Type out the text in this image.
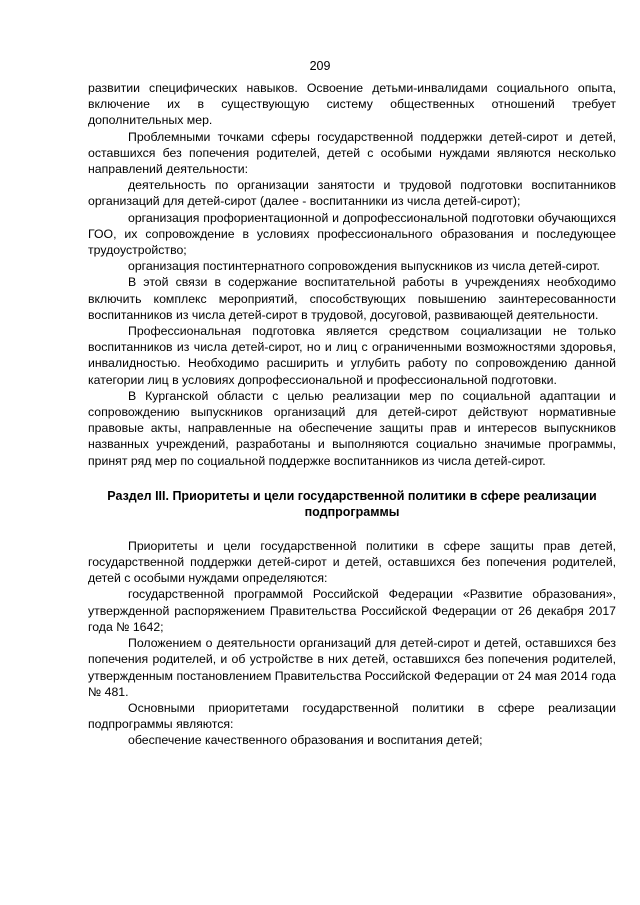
209

развитии специфических навыков. Освоение детьми-инвалидами социального опыта, включение их в существующую систему общественных отношений требует дополнительных мер.

Проблемными точками сферы государственной поддержки детей-сирот и детей, оставшихся без попечения родителей, детей с особыми нуждами являются несколько направлений деятельности:

деятельность по организации занятости и трудовой подготовки воспитанников организаций для детей-сирот (далее - воспитанники из числа детей-сирот);

организация профориентационной и допрофессиональной подготовки обучающихся ГОО, их сопровождение в условиях профессионального образования и последующее трудоустройство;

организация постинтернатного сопровождения выпускников из числа детей-сирот.

В этой связи в содержание воспитательной работы в учреждениях необходимо включить комплекс мероприятий, способствующих повышению заинтересованности воспитанников из числа детей-сирот в трудовой, досуговой, развивающей деятельности.

Профессиональная подготовка является средством социализации не только воспитанников из числа детей-сирот, но и лиц с ограниченными возможностями здоровья, инвалидностью. Необходимо расширить и углубить работу по сопровождению данной категории лиц в условиях допрофессиональной и профессиональной подготовки.

В Курганской области с целью реализации мер по социальной адаптации и сопровождению выпускников организаций для детей-сирот действуют нормативные правовые акты, направленные на обеспечение защиты прав и интересов выпускников названных учреждений, разработаны и выполняются социально значимые программы, принят ряд мер по социальной поддержке воспитанников из числа детей-сирот.

Раздел III. Приоритеты и цели государственной политики в сфере реализации
подпрограммы

Приоритеты и цели государственной политики в сфере защиты прав детей, государственной поддержки детей-сирот и детей, оставшихся без попечения родителей, детей с особыми нуждами определяются:

государственной программой Российской Федерации «Развитие образования», утвержденной распоряжением Правительства Российской Федерации от 26 декабря 2017 года № 1642;

Положением о деятельности организаций для детей-сирот и детей, оставшихся без попечения родителей, и об устройстве в них детей, оставшихся без попечения родителей, утвержденным постановлением Правительства Российской Федерации от 24 мая 2014 года № 481.

Основными приоритетами государственной политики в сфере реализации подпрограммы являются:

обеспечение качественного образования и воспитания детей;
